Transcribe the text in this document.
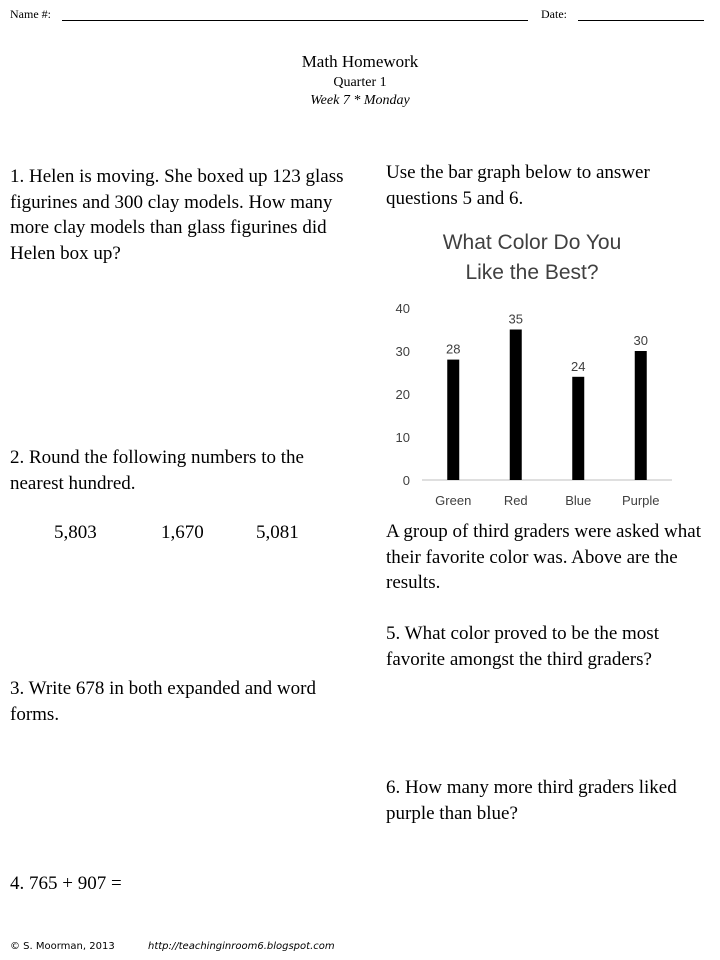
Name #:	Date:
Math Homework
Quarter 1
Week 7 * Monday
1. Helen is moving. She boxed up 123 glass figurines and 300 clay models. How many more clay models than glass figurines did Helen box up?
2. Round the following numbers to the nearest hundred.
5,803	1,670	5,081
3. Write 678 in both expanded and word forms.
4. 765 + 907 =
Use the bar graph below to answer questions 5 and 6.
What Color Do You
Like the Best?
0
10
20
30
40
28
Green
35
Red
24
Blue
30
Purple
A group of third graders were asked what their favorite color was. Above are the results.
5. What color proved to be the most favorite amongst the third graders?
6. How many more third graders liked purple than blue?
© S. Moorman, 2013	http://teachinginroom6.blogspot.com
